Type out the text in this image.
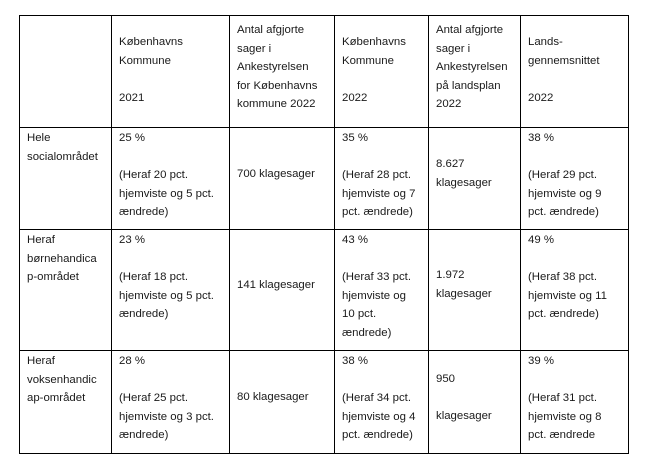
Københavns
Kommune
2021
Antal afgjorte
sager i
Ankestyrelsen
for Københavns
kommune 2022
Københavns
Kommune
2022
Antal afgjorte
sager i
Ankestyrelsen
på landsplan
2022
Lands-
gennemsnittet
2022
Hele
socialområdet
25 %
(Heraf 20 pct.
hjemviste og 5 pct.
ændrede)
700 klagesager
35 %
(Heraf 28 pct.
hjemviste og 7
pct. ændrede)
8.627
klagesager
38 %
(Heraf 29 pct.
hjemviste og 9
pct. ændrede)
Heraf
børnehandica
p-området
23 %
(Heraf 18 pct.
hjemviste og 5 pct.
ændrede)
141 klagesager
43 %
(Heraf 33 pct.
hjemviste og
10 pct.
ændrede)
1.972
klagesager
49 %
(Heraf 38 pct.
hjemviste og 11
pct. ændrede)
Heraf
voksenhandic
ap-området
28 %
(Heraf 25 pct.
hjemviste og 3 pct.
ændrede)
80 klagesager
38 %
(Heraf 34 pct.
hjemviste og 4
pct. ændrede)
950
klagesager
39 %
(Heraf 31 pct.
hjemviste og 8
pct. ændrede
